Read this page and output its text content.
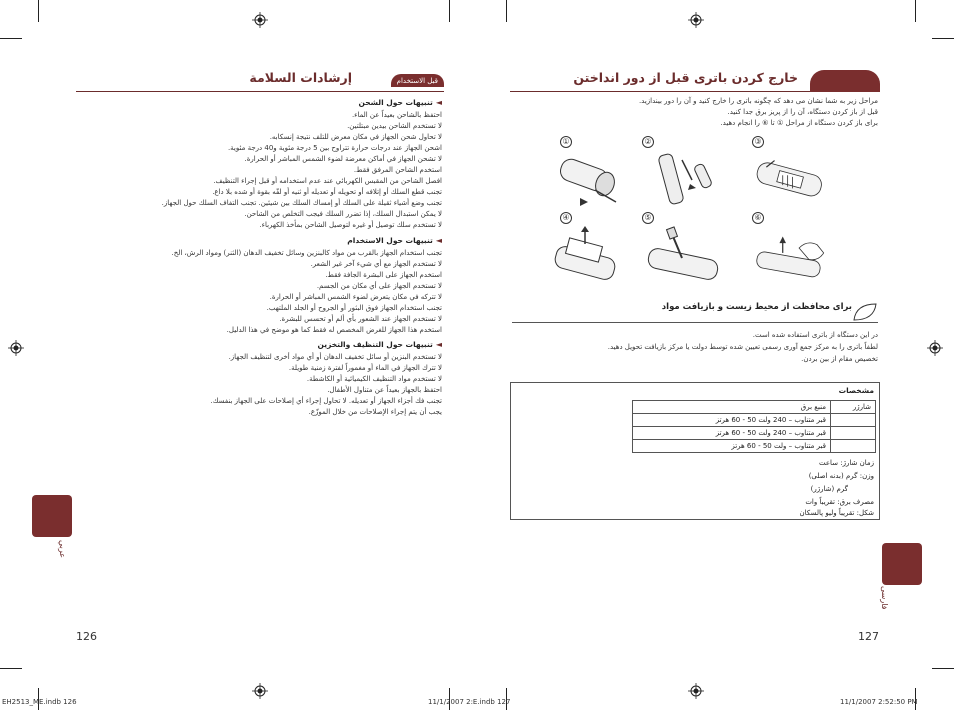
إرشادات السلامة	قبل الاستخدام
◄تنبيهات حول الشحن
احتفظ بالشاحن بعيداً عن الماء.
لا تستخدم الشاحن بيدين مبتلتين.
لا تحاول شحن الجهاز في مكان معرض للتلف نتيجة إنسكابه.
اشحن الجهاز عند درجات حرارة تتراوح بين 5 درجة مئوية و40 درجة مئوية.
لا تشحن الجهاز في أماكن معرضة لضوء الشمس المباشر أو الحرارة.
استخدم الشاحن المرفق فقط.
افصل الشاحن من المقبس الكهربائي عند عدم استخدامه أو قبل إجراء التنظيف.
تجنب قطع السلك أو إتلافه أو تحويله أو تعديله أو ثنيه أو لفّه بقوة أو شده بلا داع.
تجنب وضع أشياء ثقيلة على السلك أو إمساك السلك بين شيئين. تجنب التفاف السلك حول الجهاز.
لا يمكن استبدال السلك، إذا تضرر السلك فيجب التخلص من الشاحن.
لا تستخدم سلك توصيل أو غيره لتوصيل الشاحن بمأخذ الكهرباء.
◄تنبيهات حول الاستخدام
تجنب استخدام الجهاز بالقرب من مواد كالبنزين وسائل تخفيف الدهان (الثنر) ومواد الرش، الخ.
لا تستخدم الجهاز مع أي شيء آخر غير الشعر.
استخدم الجهاز على البشرة الجافة فقط.
لا تستخدم الجهاز على أي مكان من الجسم.
لا تتركه في مكان يتعرض لضوء الشمس المباشر أو الحرارة.
تجنب استخدام الجهاز فوق البثور أو الجروح أو الجلد الملتهب.
لا تستخدم الجهاز عند الشعور بأي ألم أو تحسس للبشرة.
استخدم هذا الجهاز للغرض المخصص له فقط كما هو موضح في هذا الدليل.
◄تنبيهات حول التنظيف والتخزين
لا تستخدم البنزين أو سائل تخفيف الدهان أو أي مواد أخرى لتنظيف الجهاز.
لا تترك الجهاز في الماء أو مغموراً لفترة زمنية طويلة.
لا تستخدم مواد التنظيف الكيميائية أو الكاشطة.
احتفظ بالجهاز بعيداً عن متناول الأطفال.
تجنب فك أجزاء الجهاز أو تعديله. لا تحاول إجراء أي إصلاحات على الجهاز بنفسك.
يجب أن يتم إجراء الإصلاحات من خلال الموزّع.
عربي
126
خارج کردن باتری قبل از دور انداختن
مراحل زیر به شما نشان می دهد که چگونه باتری را خارج کنید و آن را دور بیندازید.
قبل از باز کردن دستگاه، آن را از پریز برق جدا کنید.
برای باز کردن دستگاه از مراحل ① تا ⑥ را انجام دهید.
①	②	③
④	⑤	⑥
برای محافظت از محیط زیست و بازیافت مواد
در این دستگاه از باتری استفاده شده است.
لطفاً باتری را به مرکز جمع آوری رسمی تعیین شده توسط دولت یا مرکز بازیافت تحویل دهید.
تخصیص مقام از بین بردن.
مشخصات
شارژر	منبع برق
	قبر متناوب – 240 ولت 50 - 60 هرتز
	قبر متناوب – 240 ولت 50 - 60 هرتز
	قبر متناوب – ولت 50 - 60 هرتز
زمان شارژ: ساعت
وزن: گرم (بدنه اصلی)
گرم (شارژر)
مصرف برق: تقریباً وات
شکل: تقریباً ولیو پالسکان
فارسی
127
EH2513_ME.indb 126	11/1/2007 2:E.indb 127	11/1/2007 2:52:50 PM
